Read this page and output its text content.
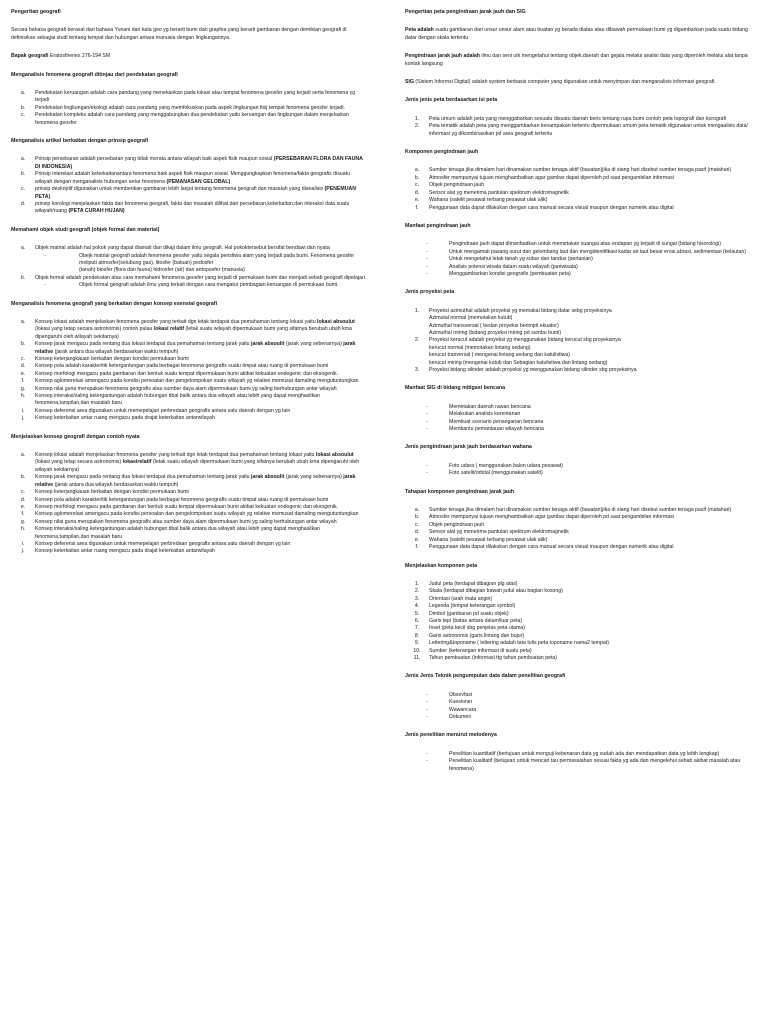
Pengertian geografi

Secara bahasa geografi berasal dari bahasa Yunani dari kata geo yg berarti bumi dan graphia yang berarti gambaran dengan demikian geografi di definisikan sebagai studi tentang tempat dan hubungan antara manusia dengan lingkungannya.

Bapak geografi Eratosthenes 276-194 SM

Menganalisis fenomena geografi ditinjau dari pendekatan geografi

a.	Pendekatan keruangan adalah cara pandang yang menekankan pada lokasi atau tempat fenomena geosfer yang terjadi serta fenomena yg terjadi
b.	Pendekatan lingkungan/ekologi adalah cara pandang yang memfokuskan pada aspek lingkungan fisij tempat fenomena geosfer terjadi.
c.	Pendekatan kompleks adalah cara pandang yang menggabungkan dua pendekatan yaitu keruangan dan lingkungan dalam menjelaskan fenomena geosfer

Menganalisis artikel berkaitan dengan prinsip geografi

a.	Prinsip persebaran adalah persebaran yang tidak merata antara wilayah baik aspek fisik maupun sosial (PERSEBARAN FLORA DAN FAUNA DI INDONESIA)
b.	Prinsip interelasi adalah keterkaitanantara fenomena baik aspek fisik maupun sosial. Menggungkapkan fenomena/fakta geografis disuatu wilayah dengan menganalisis hubungan antar fenomena (PEMANASAN GELOBAL)
c.	prinsip deskriptif digunakan untuk memberikan gambaran lebih lanjut tentang fenomena geografi dan masalah yang dianalisis (PENEMUAN PETA)
d.	prinsip korologi menjelaskan fakta dan fenomena geografi, fakta dan masalah dilihat dari persebaran,keterkaitan,dan interaksi data suatu wilayah/ruang (PETA CURAH HUJAN)

Memahami objek studi geografi (objek formal dan material)

a.	Objek matrial adalah hal pokok yang dapat diamati dan dikaji dalam ilmu geografi. Hal pokoktersebut bersifat bendawi dan nyata
-	Obejk matrial geografi adalah fenomena geosfer yaitu segala peristiwa alam yang terjadi pada bumi. Fenomena geosfer meliputi atmosfer(selubung gas), litosfer (batuan) pedosfer
(tanah) biosfer (flora dan fauna) hidrosfer (air) dan antoposfer (manusia)
b.	Objek formal adalah pendekatan atau cara memahami fenomena geosfer yang terjadi di permukaan bumi dan menjadi sebab geografi dipelajari.
-	Objek formal geografi adalah ilmu yang terkait dengan cara mengatur pembagian keruangan di permukaan bumi.

Menganalisis fenomena geografi yang berkaitan dengan konsep esensial geografi

a.	Konsep lokasi adalah menjelaskan fenomena geosfer yang terkait dgn letak terdapat dua pemahaman tentang lokasi yaitu lokasi absoulut (lokasi yang tetap secara astronomis) contoh pulau lokasi relatif (letak suatu wilayah dipermukaan bumi yang sifatnya berubah ubah kma dipengaruhi oleh wilayah sekitarnya)
b.	Konsep jarak mengacu pada rentang dua lokasi terdapat dua pemahaman tentang jarak yaitu jarak absoulit (jarak yang sebenarnya) jarak relative (jarak antara dua wilayah berdasarkan waktu tempuh)
c.	Konsep keterjangkauan berkaitan dengan kondisi permukaan bumi
d.	Konsep pola adalah karakteritik ketergantungan pada berbagai fenomena geografis suatu timpat atau ruang di permukaan bumi
e.	Konsep morfologi mengacu pada gambaran dan bentuk suatu tempat dipermukaan bumi akibat kekuatan endogenic dan eksogenik.
f.	Konsep aglomerelasi amengacu pada kondisi persoalan dan pengelompokan suatu wilayah yg relative memusat damaling mengutuntungkan
g.	Konsep nilai guna merupakan fenomena geografis atau sumber daya alam dipermukaan bumi yg saling berhubungan antar wilayah
h.	Konsep interaksi/saling ketergantungan adalah hubungan tibal balik antara dua wilayah atau lebih yang dapat menghasilkan fenomena,tampilan,dan masalah baru
i.	Konsep deferensi area digunakan untuk memepelajari perbredaan geografis antara satu daerah dengan yg lain
j.	Konsep keterkaitan antar ruang mengacu pada drajat keterkaitan antarwilayah

Menjelaskan konsep geografi dengan contoh nyata

a.	Konsep lokasi adalah menjelaskan frnomena geosfer yang terkait dgn letak terdapat dua pemahaman tentang lokasi yaitu lokasi absoulut (lokasi yang tetap secara astronomis) lokasirelatif (letak suatu wilayah dipermukaan bumi yang sifatnya berubah ubah kma dipengaruhi oleh wilayah sekitarnya)
b.	Konsep jarak mengacu pada rentang dua lokasi terdapat dua pemahaman tentang jarak yaitu jarak absoulit (jarak yang sebenarnya) jarak relative (jarak antara dua wilayah berdasarkan waktu tempuh)
c.	Konsep keterjangkauan berkaitan dengan kondisi permukaan bumi
d.	Konsep pola adalah karakteritik ketergantungan pada berbagai fenomena geografis suatu timpat atau ruang di permukaan bumi
e.	Konsep morfologi mengacu pada gambaran dan bentuk suatu tempat dipermukaan bumi akibat kekuatan endogenic dan eksogenik.
f.	Konsep aglomerelasi amengacu pada kondisi persoalan dan pengelompokan suatu wilayah yg relative memusat damaling mengutuntungkan
g.	Konsep nilai guna merupakan fenomena geografis atau sumber daya alam dipermukaan bumi yg saling berhubungan antar wilayah
h.	Konsep interaksi/saling ketergantungan adalah hubungan tibal balik antara dua wilayah atau lebih yang dapat menghasilkan fenomena,tampilan,dan masalah baru
i.	Konsep deferensi area digunakan untuk memepelajari perbredaan geografis antara satu daerah dengan yg lain
j.	Konsep keterkaitan antar ruang mengacu pada drajat keterkaitan antarwilayah

Pengertian peta pengindraan jarak jauh dan SIG

Peta adalah suatu gambaran dari unsur unsur alam atau buatan yg berada diatas atau dibawah permukaan bumi yg digambarkan pada suatu bidang datar dengan skala tertentu

Pengindraan jarak jauh adalah ilmu dan seni utk mengetahui tentang objek,daerah dan gejala melalui analisi data yang diperoleh melalui alat tanpa kontak langsung

SIG (Sistem Informsi Digital) adalah system berbasis computer yang digunakan untuk menyimpan dan menganalisis informasi geografi.

Jenis jenis peta berdasarkan isi peta

1.	Peta umum adalah peta yang menggabarkan sesuatu disuatu daerah beris tentang rupa bumi contoh peta topografi dan korografi
2.	Peta tematik adalah peta yang menggambarkan kenampakan tertentu dipermukaan umum peta tematik digunakan untuk mengaalisis data/ informasi yg dikombinasikan pd area geografi tertentu

Komponen pengindraan jauh

a.	Sumber tenaga jika dimalam hari dinamakan sumber tenaga aktif (bauatan)jika di siang hari disebut sumber tenaga pasif (matahari)
b.	Atmosfer mempunyai tujuan menghambatkan agar gambar dapat diperoleh pd saat pengambilan informasi
c.	Objek pengindraan jauh
d.	Sensor alat yg menerima pantulan spektrum elektromagnetik
e.	Wahana (satelit pesawat terbang pesawat ulak alik)
f.	Penggunaan data dapat dilakukan dengan cara manual secara visual maupun dengan numerik atau digital

Manfaat pengindraan jauh

-	Pengindraan jauh dapat dimanfaatkan untuk memetakan suangai atau endapan yg terjadi di sungai (bidang hisorologi)
-	Untuk mengamati pasang surut dan gelombang laut dan mengidentifikasi kadar air laut besar erosi,abrasi, sedimentasi (kelautan)
-	Untuk mengetahui letak tanah yg subur dan tandus (pertanian)
-	Analisis potensi wisata dalam suatu wilayah (pariwisata)
-	Menggambarkan kondisi geografis (pembuatan peta)

Jenis proyeksi peta

1.	Proyeksi azimuthal adalah proyeksi yg memakai bidang datar sebg proyeksinya
Azimutal normal (memotakan kutub)
Azimuthal transversal ( bedan proyeksi berimpit ekuator)
Azimuthal miring (bidang proyeksi miring pd sumbu bumi)
2.	Proyeksi kerucut adalah proyeksi yg menggunakan bidang kerucut sbg proyeksinya
kerucut normal (memotakan lintang sedang)
kerucut tranversal ( mengenai lintang sedang dan katulistiwa)
kerucut miring (mengenai kutub dan Sebagian katulistiwa dan lintang sedang)
3.	Proyeksi bidang silinder adalah proyeksi yg menggunakan bidang silinder sbg proyeksinya

Manfaat SIG di bidang mitigasi bencana

-	Memetakan daerah rawan bencana
-	Melakukan analisis kerentanan
-	Membuat scenario penanganan bencana
-	Membantu pemantauan wilayah bencana

Jenis pengindraan jarak jauh berdasarkan wahana

-	Foto udara ( menggunakan balon udara pesawat)
-	Foto satelit/orbital (menggunakan satelit)

Tahapan komponen pengindraan jarak jauh

a.	Sumber tenaga jika dimalam hari dinamakan sumber tenaga aktif (bauatan)jika di siang hari disebut sumber tenaga pasif (matahari)
b.	Atmosfer mempunyai tujuan menghambatkan agar gambar dapat diperoleh pd saat pengambilan informasi
c.	Objek pengindraan jauh
d.	Sensor alat yg menerima pantulan spektrum elektromagnetik
e.	Wahana (satelit pesawat terbang pesawat ulak alik)
f.	Penggunaan data dapat dilakukan dengan cara manual secara visual maupun dengan numerik atau digital

Menjelaskan komponen peta

1.	Judul peta (terdapat dibagian plg atas)
2.	Skala (terdapat dibagian bawah judul atau bagian kosong)
3.	Orientasi (arah mata angin)
4.	Legenda (tempat keterangan symbol)
5.	Dimbol (gambaran pd suatu objek)
6.	Garis tepi (batas antara dalam/luar peta)
7.	Inset (peta kecil sbg penjelas peta utama)
8.	Garis astronomis (garis lintang dan bujur)
9.	Lettering&toponame ( lettering adalah tata tulis peta toponame nama2 tempat)
10.	Sumber (keterangan informasi di suatu peta)
11.	Tahun pembuatan (informasi ttg tahun pembuatan peta)

Jenis Jenis Teknik pengumpulan data dalam penelitian geografi

-	Obsevfasi
-	Kuesioner
-	Wawancara
-	Dokumen

Jenis penelitian menurut metodenya

-	Penelitian kuantitatif (bertujuan untuk menguji kebenaran data yg sudah ada dan mendapatkan data yg lebih lengkap)
-	Penelitian kualitatif (betujuan untuk mencari tau permasalahan sesuai fakta yg ada dan mengelehui sebab akibat masalah atau fenomena)
